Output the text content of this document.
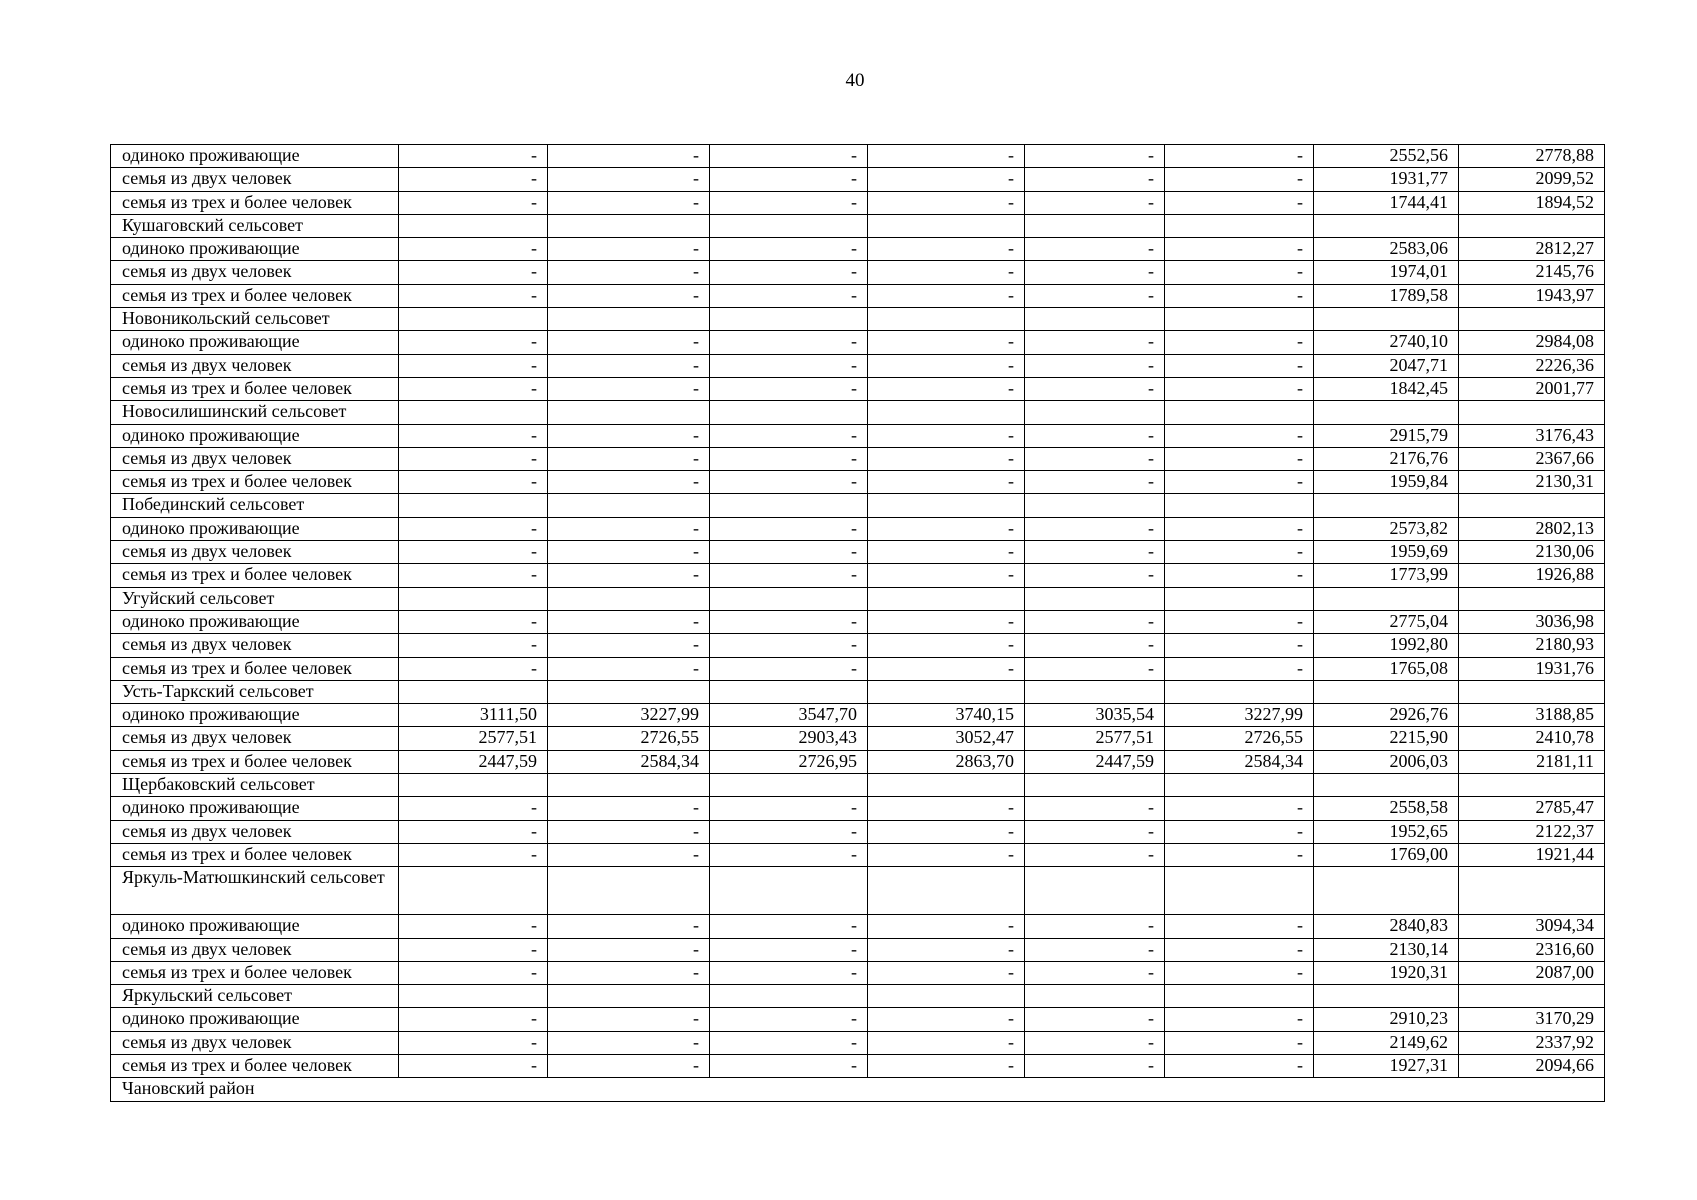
40
одиноко проживающие	-	-	-	-	-	-	2552,56	2778,88
семья из двух человек	-	-	-	-	-	-	1931,77	2099,52
семья из трех и более человек	-	-	-	-	-	-	1744,41	1894,52
Кушаговский сельсовет								
одиноко проживающие	-	-	-	-	-	-	2583,06	2812,27
семья из двух человек	-	-	-	-	-	-	1974,01	2145,76
семья из трех и более человек	-	-	-	-	-	-	1789,58	1943,97
Новоникольский сельсовет								
одиноко проживающие	-	-	-	-	-	-	2740,10	2984,08
семья из двух человек	-	-	-	-	-	-	2047,71	2226,36
семья из трех и более человек	-	-	-	-	-	-	1842,45	2001,77
Новосилишинский сельсовет								
одиноко проживающие	-	-	-	-	-	-	2915,79	3176,43
семья из двух человек	-	-	-	-	-	-	2176,76	2367,66
семья из трех и более человек	-	-	-	-	-	-	1959,84	2130,31
Побединский сельсовет								
одиноко проживающие	-	-	-	-	-	-	2573,82	2802,13
семья из двух человек	-	-	-	-	-	-	1959,69	2130,06
семья из трех и более человек	-	-	-	-	-	-	1773,99	1926,88
Угуйский сельсовет								
одиноко проживающие	-	-	-	-	-	-	2775,04	3036,98
семья из двух человек	-	-	-	-	-	-	1992,80	2180,93
семья из трех и более человек	-	-	-	-	-	-	1765,08	1931,76
Усть-Таркский сельсовет								
одиноко проживающие	3111,50	3227,99	3547,70	3740,15	3035,54	3227,99	2926,76	3188,85
семья из двух человек	2577,51	2726,55	2903,43	3052,47	2577,51	2726,55	2215,90	2410,78
семья из трех и более человек	2447,59	2584,34	2726,95	2863,70	2447,59	2584,34	2006,03	2181,11
Щербаковский сельсовет								
одиноко проживающие	-	-	-	-	-	-	2558,58	2785,47
семья из двух человек	-	-	-	-	-	-	1952,65	2122,37
семья из трех и более человек	-	-	-	-	-	-	1769,00	1921,44
Яркуль-Матюшкинский сельсовет								
одиноко проживающие	-	-	-	-	-	-	2840,83	3094,34
семья из двух человек	-	-	-	-	-	-	2130,14	2316,60
семья из трех и более человек	-	-	-	-	-	-	1920,31	2087,00
Яркульский сельсовет								
одиноко проживающие	-	-	-	-	-	-	2910,23	3170,29
семья из двух человек	-	-	-	-	-	-	2149,62	2337,92
семья из трех и более человек	-	-	-	-	-	-	1927,31	2094,66
Чановский район								
